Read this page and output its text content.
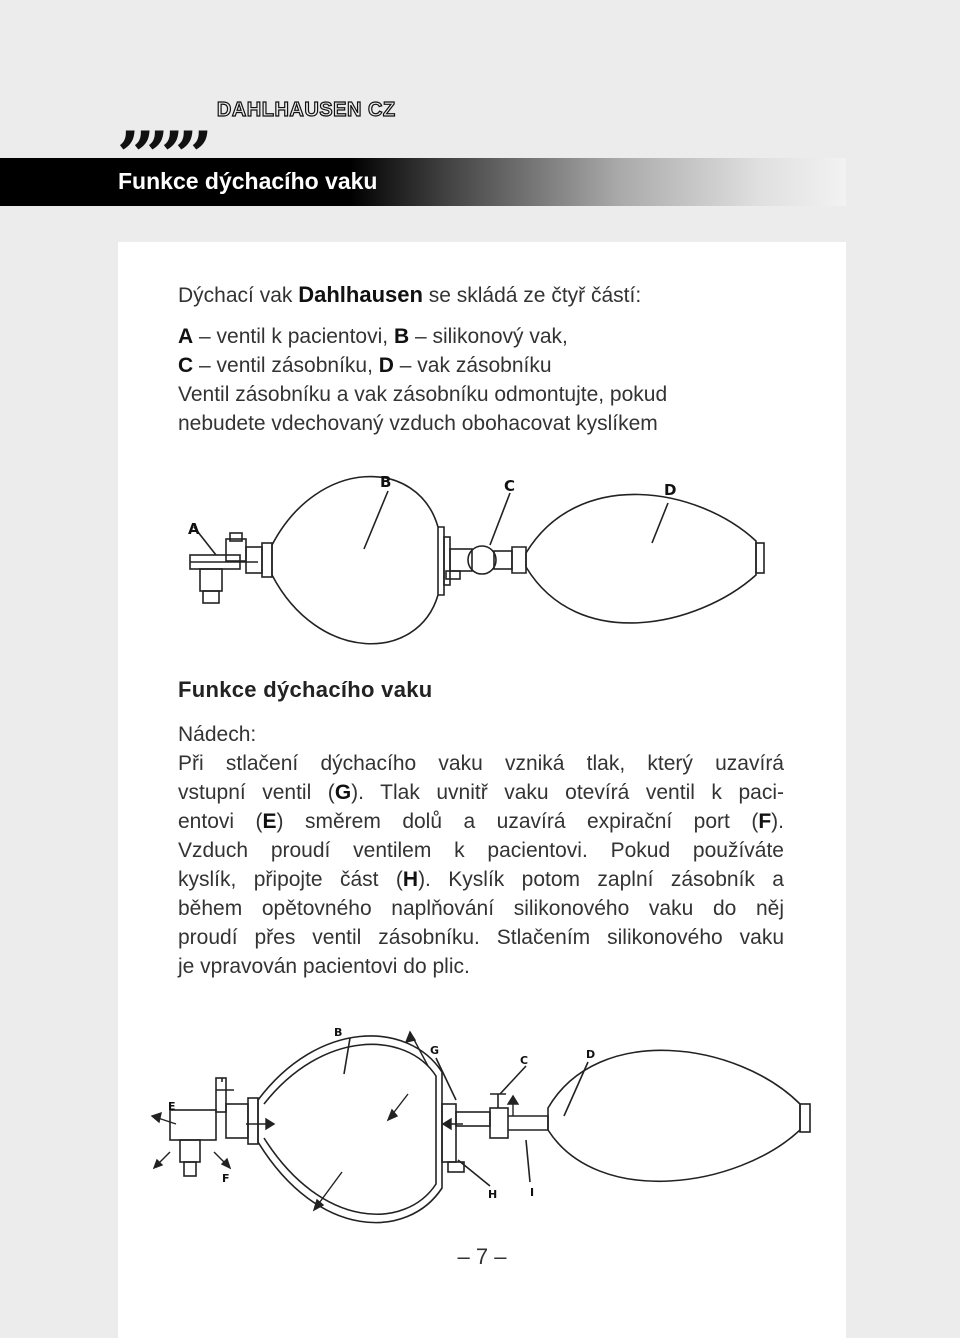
„„„ DAHLHAUSEN CZ
Funkce dýchacího vaku
Dýchací vak Dahlhausen se skládá ze čtyř částí:
A – ventil k pacientovi, B – silikonový vak,
C – ventil zásobníku, D – vak zásobníku
Ventil zásobníku a vak zásobníku odmontujte, pokud
nebudete vdechovaný vzduch obohacovat kyslíkem
A
B	C	D
Funkce dýchacího vaku
Nádech:
Při stlačení dýchacího vaku vzniká tlak, který uzavírá
vstupní ventil (G). Tlak uvnitř vaku otevírá ventil k paci-
entovi (E) směrem dolů a uzavírá expirační port (F).
Vzduch proudí ventilem k pacientovi. Pokud používáte
kyslík, připojte část (H). Kyslík potom zaplní zásobník a
během opětovného naplňování silikonového vaku do něj
proudí přes ventil zásobníku. Stlačením silikonového vaku
je vpravován pacientovi do plic.
B
G
C	D
E
F
I
H
– 7 –
